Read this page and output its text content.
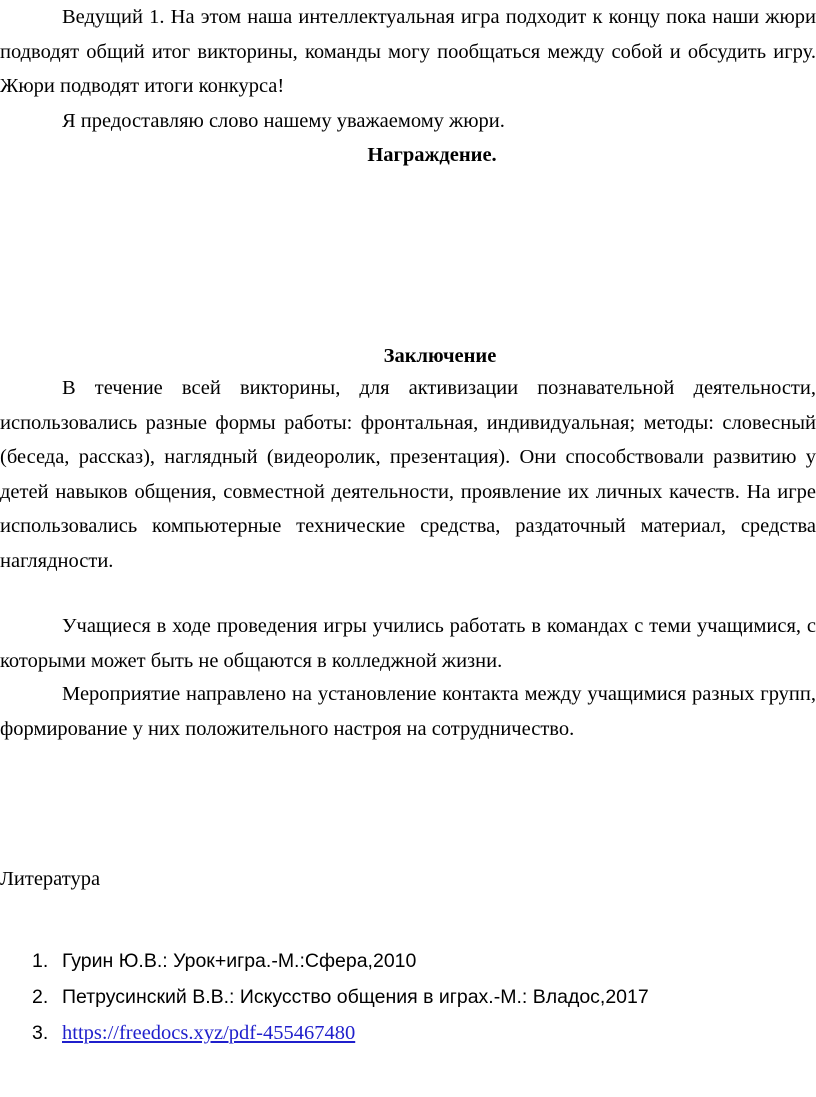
Ведущий 1. На этом наша интеллектуальная игра подходит к концу пока наши жюри подводят общий итог викторины, команды могу пообщаться между собой и обсудить игру. Жюри подводят итоги конкурса!

Я предоставляю слово нашему уважаемому жюри.

Награждение.

Заключение

В течение всей викторины, для активизации познавательной деятельности, использовались разные формы работы: фронтальная, индивидуальная; методы: словесный (беседа, рассказ), наглядный (видеоролик, презентация). Они способствовали развитию у детей навыков общения, совместной деятельности, проявление их личных качеств. На игре использовались компьютерные технические средства, раздаточный материал, средства наглядности.

Учащиеся в ходе проведения игры учились работать в командах с теми учащимися, с которыми может быть не общаются в колледжной жизни.

Мероприятие направлено на установление контакта между учащимися разных групп, формирование у них положительного настроя на сотрудничество.

Литература

1. Гурин Ю.В.: Урок+игра.-М.:Сфера,2010
2. Петрусинский В.В.: Искусство общения в играх.-М.: Владос,2017
3. https://freedocs.xyz/pdf-455467480
